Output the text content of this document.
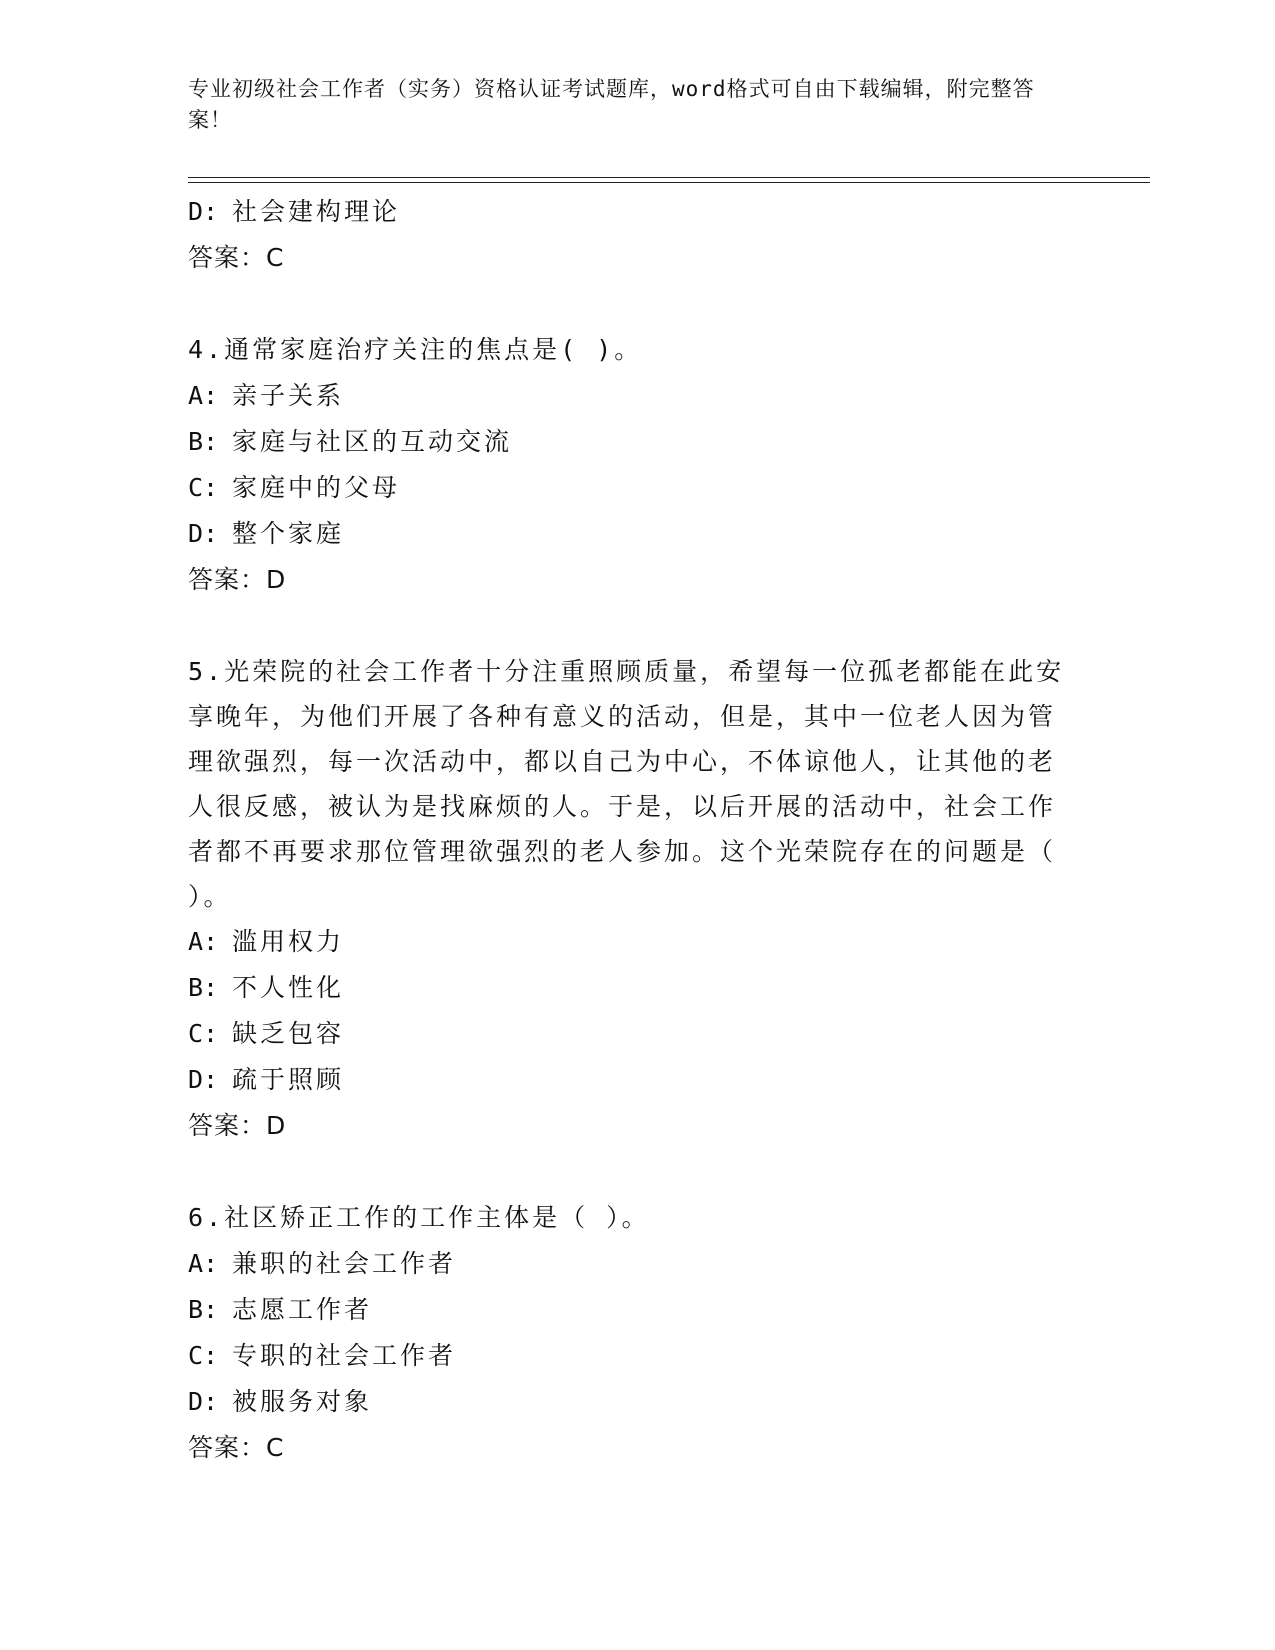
专业初级社会工作者（实务）资格认证考试题库，word格式可自由下载编辑，附完整答案！
D: 社会建构理论
答案：C
4.通常家庭治疗关注的焦点是( )。
A: 亲子关系
B: 家庭与社区的互动交流
C: 家庭中的父母
D: 整个家庭
答案：D
5.光荣院的社会工作者十分注重照顾质量，希望每一位孤老都能在此安享晚年，为他们开展了各种有意义的活动，但是，其中一位老人因为管理欲强烈，每一次活动中，都以自己为中心，不体谅他人，让其他的老人很反感，被认为是找麻烦的人。于是，以后开展的活动中，社会工作者都不再要求那位管理欲强烈的老人参加。这个光荣院存在的问题是（ ）。
A: 滥用权力
B: 不人性化
C: 缺乏包容
D: 疏于照顾
答案：D
6.社区矫正工作的工作主体是（ ）。
A: 兼职的社会工作者
B: 志愿工作者
C: 专职的社会工作者
D: 被服务对象
答案：C
